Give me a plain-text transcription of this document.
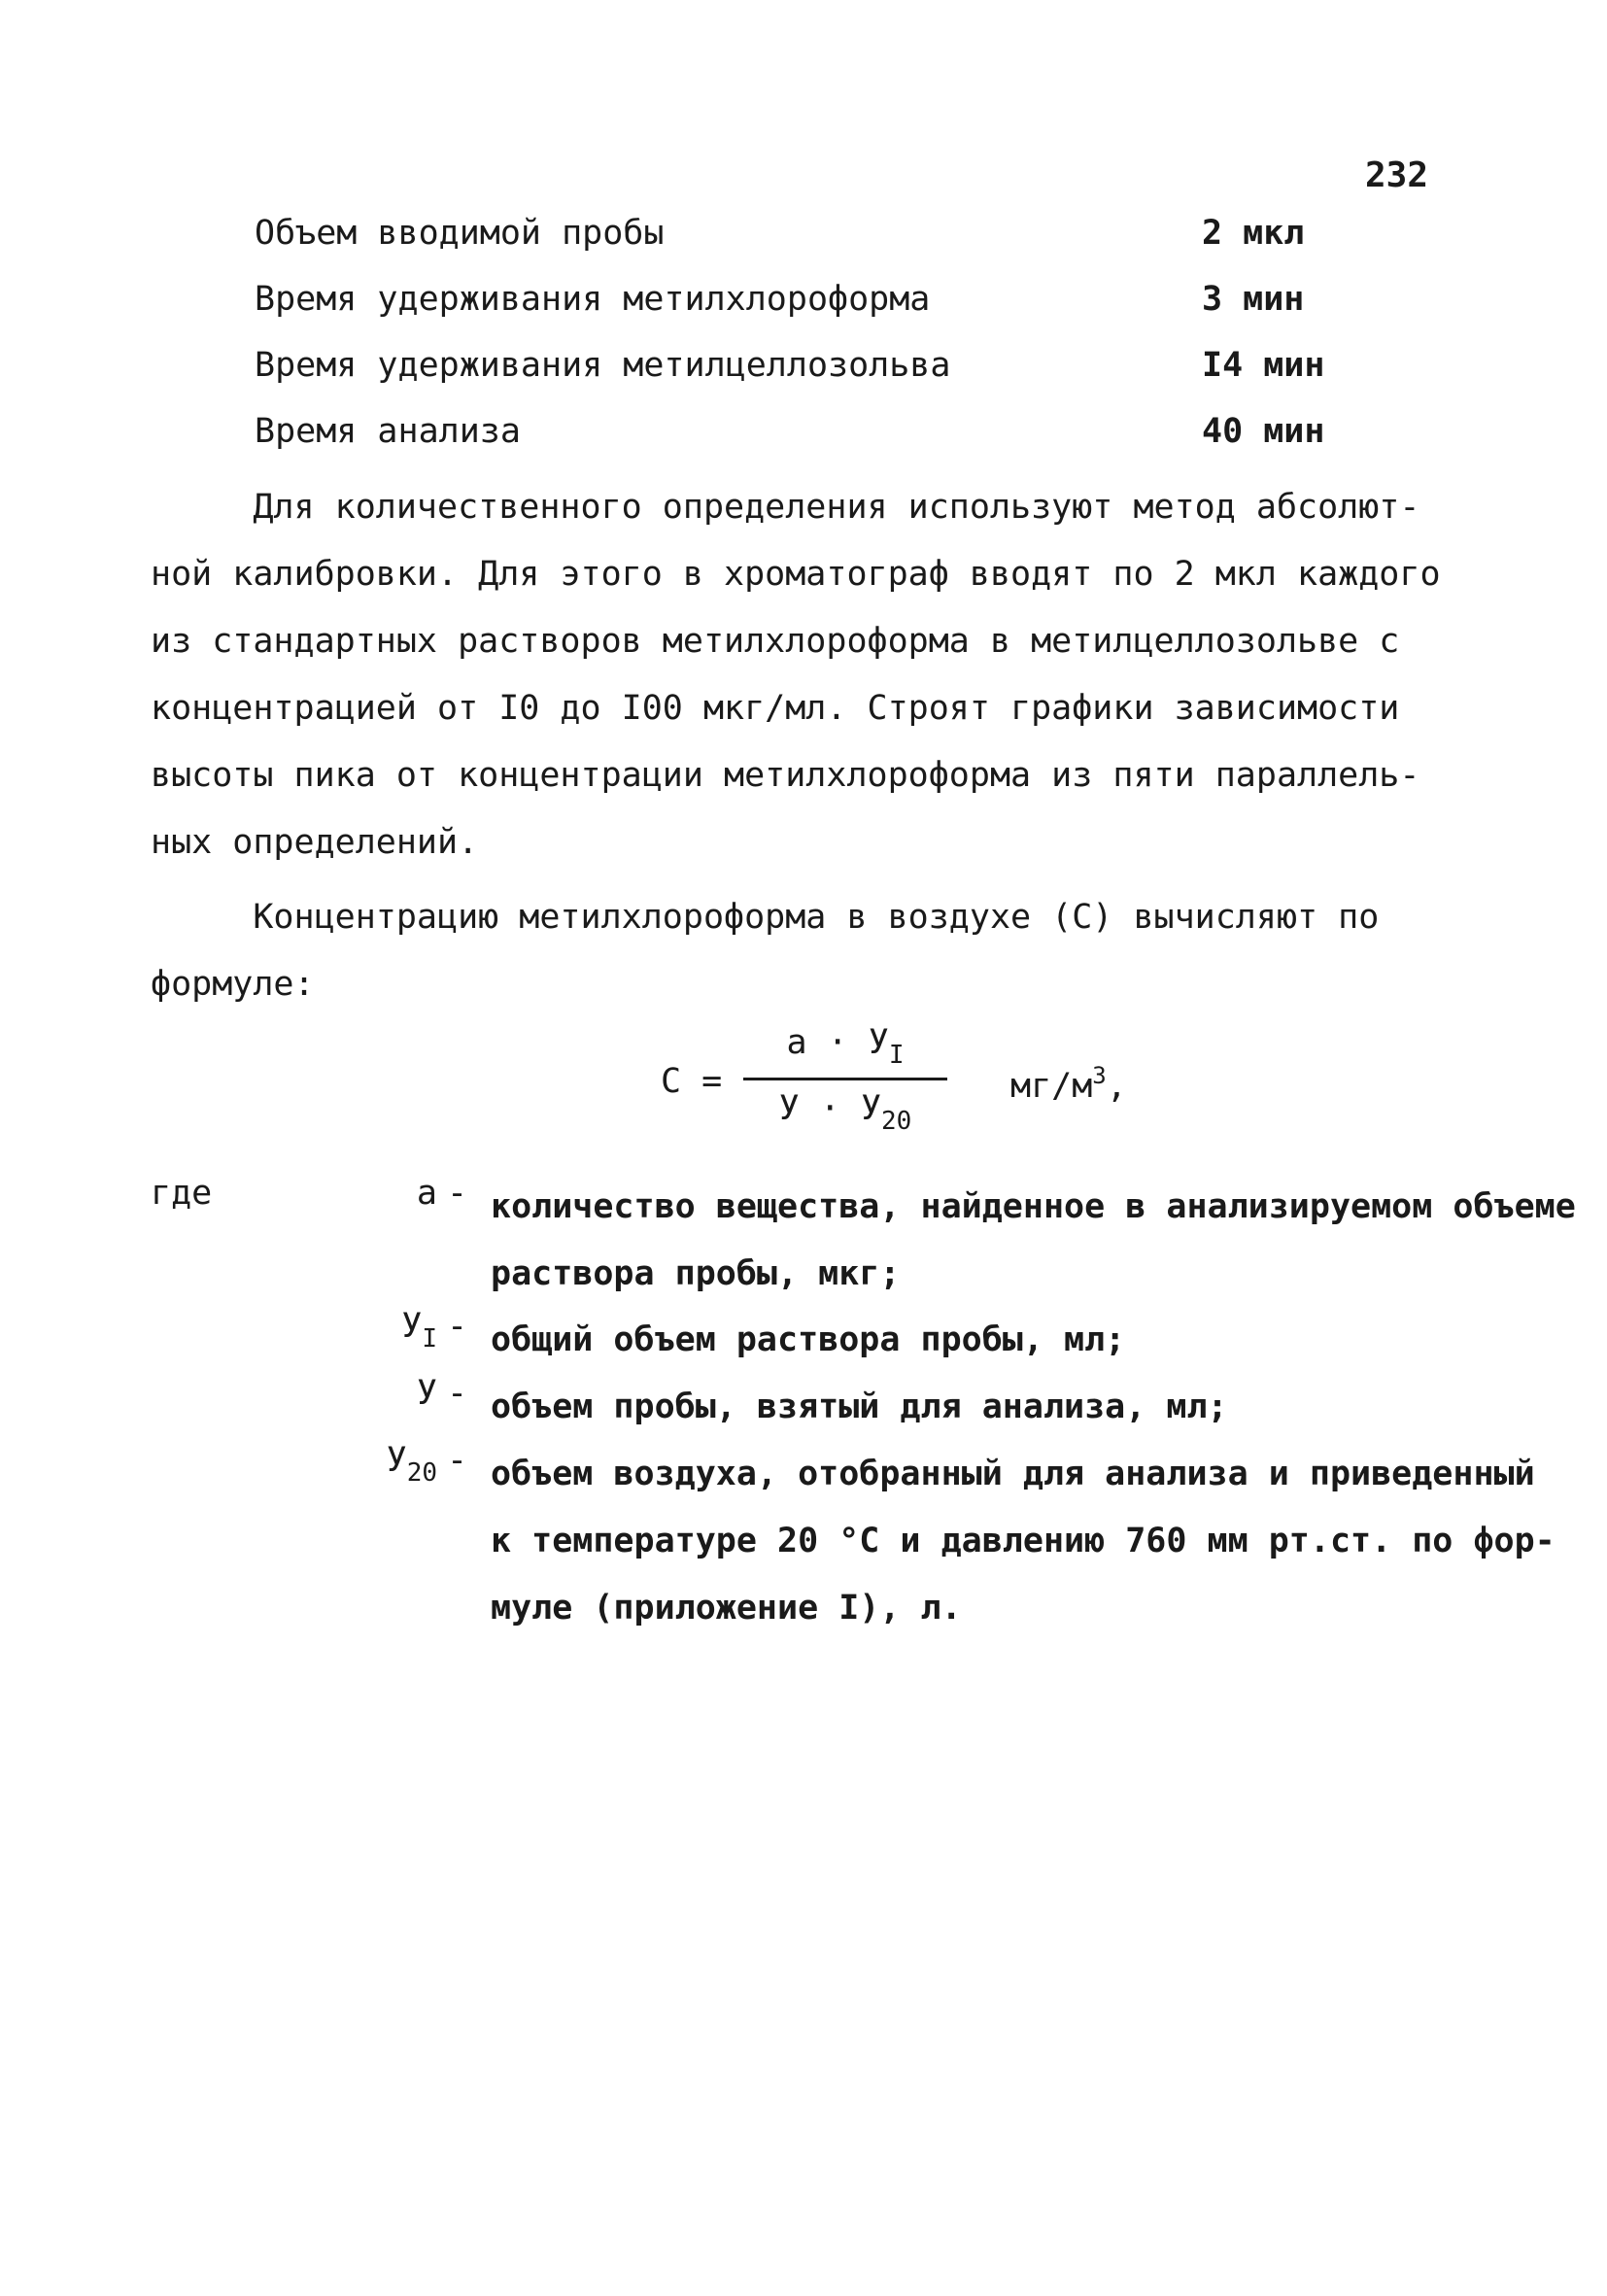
232
Объем вводимой пробы	2 мкл
Время удерживания метилхлороформа	3 мин
Время удерживания метилцеллозольва	I4 мин
Время анализа	40 мин
Для количественного определения используют метод абсолют-
ной калибровки. Для этого в хроматограф вводят по 2 мкл каждого
из стандартных растворов метилхлороформа в метилцеллозольве с
концентрацией от I0 до I00 мкг/мл. Строят графики зависимости
высоты пика от концентрации метилхлороформа из пяти параллель-
ных определений.
Концентрацию метилхлороформа в воздухе (С) вычисляют по
формуле:
С =
$а \cdot У_I$
$У \cdot У_{20}$
$мг/м^3$,
где	а - количество вещества, найденное в анализируемом объеме
раствора пробы, мкг;
$У_I$ - общий объем раствора пробы, мл;
У - объем пробы, взятый для анализа, мл;
$У_{20}$ - объем воздуха, отобранный для анализа и приведенный
к температуре 20 °С и давлению 760 мм рт.ст. по фор-
муле (приложение I), л.
